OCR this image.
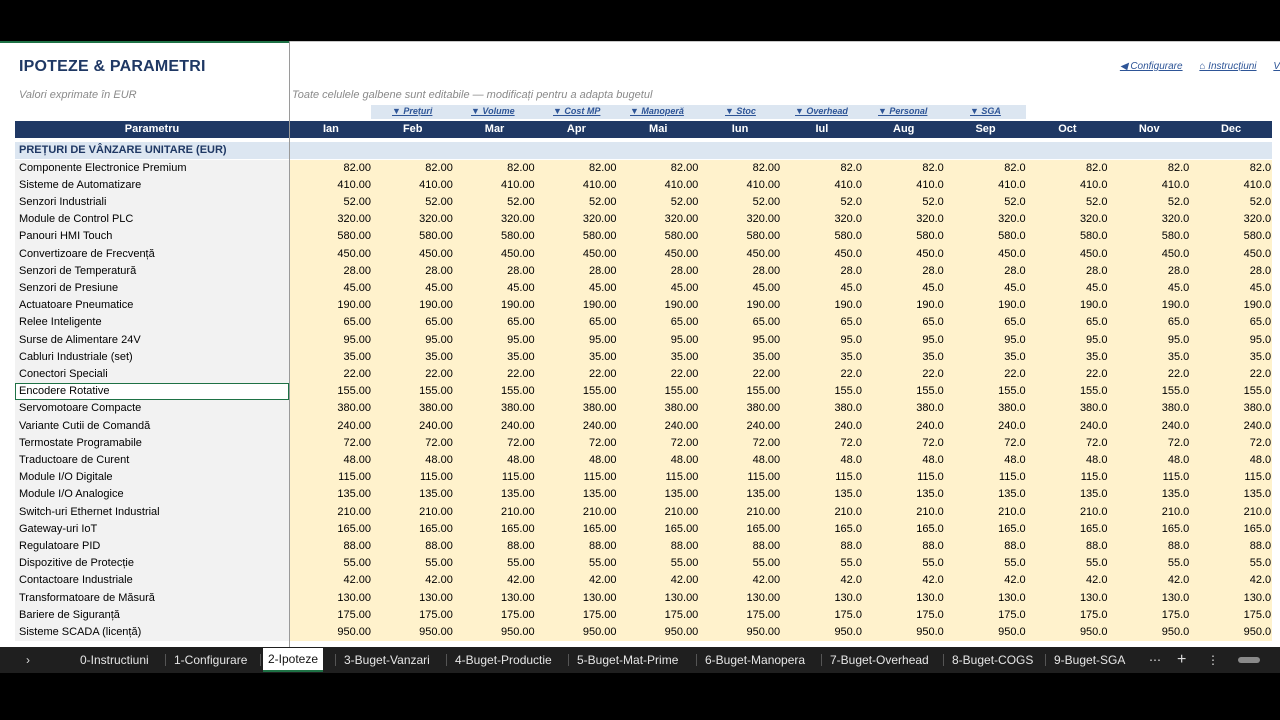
IPOTEZE & PARAMETRI
Valori exprimate în EUR	Toate celulele galbene sunt editabile — modificați pentru a adapta bugetul
◀ Configurare ⌂ Instrucțiuni V
▼ Prețuri	▼ Volume	▼ Cost MP	▼ Manoperă	▼ Stoc	▼ Overhead	▼ Personal	▼ SGA
Parametru	Ian	Feb	Mar	Apr	Mai	Iun	Iul	Aug	Sep	Oct	Nov	Dec
PREȚURI DE VÂNZARE UNITARE (EUR)
Componente Electronice Premium	82.00	82.00	82.00	82.00	82.00	82.00	82.0	82.0	82.0	82.0	82.0	82.0
Sisteme de Automatizare	410.00	410.00	410.00	410.00	410.00	410.00	410.0	410.0	410.0	410.0	410.0	410.0
Senzori Industriali	52.00	52.00	52.00	52.00	52.00	52.00	52.0	52.0	52.0	52.0	52.0	52.0
Module de Control PLC	320.00	320.00	320.00	320.00	320.00	320.00	320.0	320.0	320.0	320.0	320.0	320.0
Panouri HMI Touch	580.00	580.00	580.00	580.00	580.00	580.00	580.0	580.0	580.0	580.0	580.0	580.0
Convertizoare de Frecvență	450.00	450.00	450.00	450.00	450.00	450.00	450.0	450.0	450.0	450.0	450.0	450.0
Senzori de Temperatură	28.00	28.00	28.00	28.00	28.00	28.00	28.0	28.0	28.0	28.0	28.0	28.0
Senzori de Presiune	45.00	45.00	45.00	45.00	45.00	45.00	45.0	45.0	45.0	45.0	45.0	45.0
Actuatoare Pneumatice	190.00	190.00	190.00	190.00	190.00	190.00	190.0	190.0	190.0	190.0	190.0	190.0
Relee Inteligente	65.00	65.00	65.00	65.00	65.00	65.00	65.0	65.0	65.0	65.0	65.0	65.0
Surse de Alimentare 24V	95.00	95.00	95.00	95.00	95.00	95.00	95.0	95.0	95.0	95.0	95.0	95.0
Cabluri Industriale (set)	35.00	35.00	35.00	35.00	35.00	35.00	35.0	35.0	35.0	35.0	35.0	35.0
Conectori Speciali	22.00	22.00	22.00	22.00	22.00	22.00	22.0	22.0	22.0	22.0	22.0	22.0
Encodere Rotative	155.00	155.00	155.00	155.00	155.00	155.00	155.0	155.0	155.0	155.0	155.0	155.0
Servomotoare Compacte	380.00	380.00	380.00	380.00	380.00	380.00	380.0	380.0	380.0	380.0	380.0	380.0
Variante Cutii de Comandă	240.00	240.00	240.00	240.00	240.00	240.00	240.0	240.0	240.0	240.0	240.0	240.0
Termostate Programabile	72.00	72.00	72.00	72.00	72.00	72.00	72.0	72.0	72.0	72.0	72.0	72.0
Traductoare de Curent	48.00	48.00	48.00	48.00	48.00	48.00	48.0	48.0	48.0	48.0	48.0	48.0
Module I/O Digitale	115.00	115.00	115.00	115.00	115.00	115.00	115.0	115.0	115.0	115.0	115.0	115.0
Module I/O Analogice	135.00	135.00	135.00	135.00	135.00	135.00	135.0	135.0	135.0	135.0	135.0	135.0
Switch-uri Ethernet Industrial	210.00	210.00	210.00	210.00	210.00	210.00	210.0	210.0	210.0	210.0	210.0	210.0
Gateway-uri IoT	165.00	165.00	165.00	165.00	165.00	165.00	165.0	165.0	165.0	165.0	165.0	165.0
Regulatoare PID	88.00	88.00	88.00	88.00	88.00	88.00	88.0	88.0	88.0	88.0	88.0	88.0
Dispozitive de Protecție	55.00	55.00	55.00	55.00	55.00	55.00	55.0	55.0	55.0	55.0	55.0	55.0
Contactoare Industriale	42.00	42.00	42.00	42.00	42.00	42.00	42.0	42.0	42.0	42.0	42.0	42.0
Transformatoare de Măsură	130.00	130.00	130.00	130.00	130.00	130.00	130.0	130.0	130.0	130.0	130.0	130.0
Bariere de Siguranță	175.00	175.00	175.00	175.00	175.00	175.00	175.0	175.0	175.0	175.0	175.0	175.0
Sisteme SCADA (licență)	950.00	950.00	950.00	950.00	950.00	950.00	950.0	950.0	950.0	950.0	950.0	950.0
›	0-Instructiuni 1-Configurare	2-Ipoteze	3-Buget-Vanzari 4-Buget-Productie 5-Buget-Mat-Prime 6-Buget-Manopera 7-Buget-Overhead 8-Buget-COGS 9-Buget-SGA ⋯ + ⋮
